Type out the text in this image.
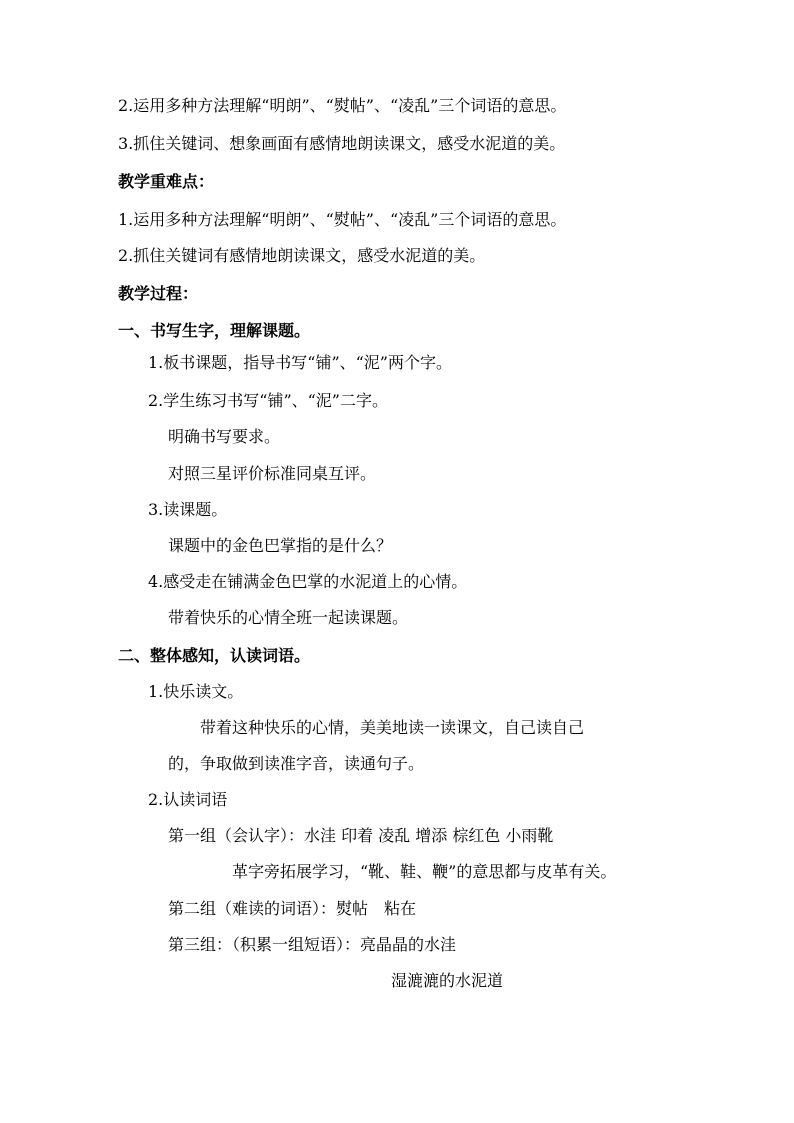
2.运用多种方法理解“明朗”、“熨帖”、“凌乱”三个词语的意思。
3.抓住关键词、想象画面有感情地朗读课文，感受水泥道的美。
教学重难点：
1.运用多种方法理解“明朗”、“熨帖”、“凌乱”三个词语的意思。
2.抓住关键词有感情地朗读课文，感受水泥道的美。
教学过程：
一、书写生字，理解课题。
1.板书课题，指导书写“铺”、“泥”两个字。
2.学生练习书写“铺”、“泥”二字。
明确书写要求。
对照三星评价标准同桌互评。
3.读课题。
课题中的金色巴掌指的是什么？
4.感受走在铺满金色巴掌的水泥道上的心情。
带着快乐的心情全班一起读课题。
二、整体感知，认读词语。
1.快乐读文。
带着这种快乐的心情，美美地读一读课文，自己读自己
的，争取做到读准字音，读通句子。
2.认读词语
第一组（会认字）：水洼 印着 凌乱 增添 棕红色 小雨靴
革字旁拓展学习，“靴、鞋、鞭”的意思都与皮革有关。
第二组（难读的词语）：熨帖　粘在
第三组：（积累一组短语）：亮晶晶的水洼
湿漉漉的水泥道
